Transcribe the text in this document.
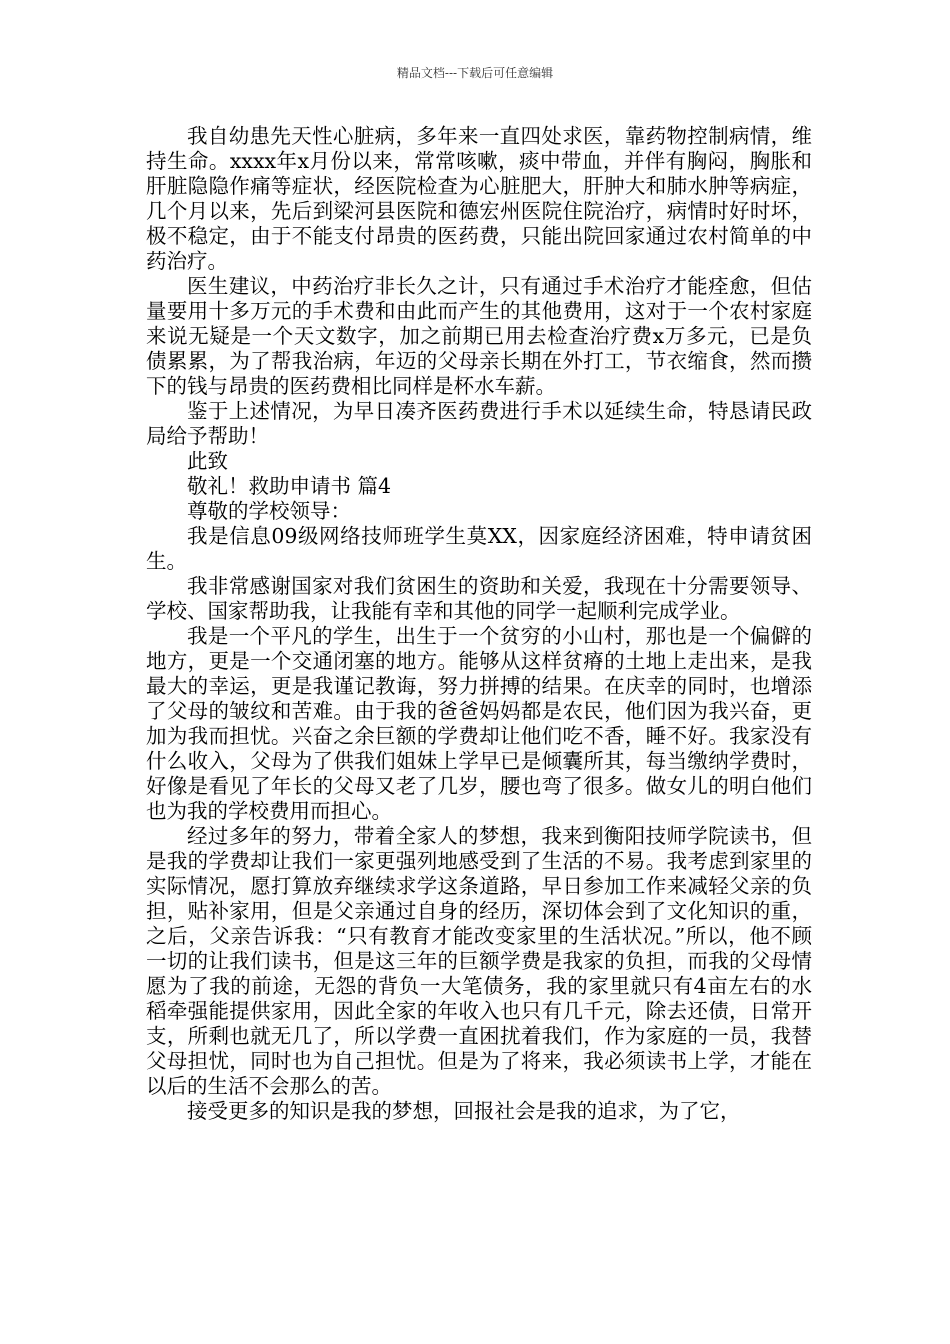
精品文档---下载后可任意编辑

我自幼患先天性心脏病，多年来一直四处求医，靠药物控制病情，维持生命。xxxx年x月份以来，常常咳嗽，痰中带血，并伴有胸闷，胸胀和肝脏隐隐作痛等症状，经医院检查为心脏肥大，肝肿大和肺水肿等病症，几个月以来，先后到梁河县医院和德宏州医院住院治疗，病情时好时坏，极不稳定，由于不能支付昂贵的医药费，只能出院回家通过农村简单的中药治疗。

医生建议，中药治疗非长久之计，只有通过手术治疗才能痊愈，但估量要用十多万元的手术费和由此而产生的其他费用，这对于一个农村家庭来说无疑是一个天文数字，加之前期已用去检查治疗费x万多元，已是负债累累，为了帮我治病，年迈的父母亲长期在外打工，节衣缩食，然而攒下的钱与昂贵的医药费相比同样是杯水车薪。

鉴于上述情况，为早日凑齐医药费进行手术以延续生命，特恳请民政局给予帮助！

此致

敬礼！救助申请书 篇4

尊敬的学校领导：

我是信息09级网络技师班学生莫XX，因家庭经济困难，特申请贫困生。

我非常感谢国家对我们贫困生的资助和关爱，我现在十分需要领导、学校、国家帮助我，让我能有幸和其他的同学一起顺利完成学业。

我是一个平凡的学生，出生于一个贫穷的小山村，那也是一个偏僻的地方，更是一个交通闭塞的地方。能够从这样贫瘠的土地上走出来，是我最大的幸运，更是我谨记教诲，努力拼搏的结果。在庆幸的同时，也增添了父母的皱纹和苦难。由于我的爸爸妈妈都是农民，他们因为我兴奋，更加为我而担忧。兴奋之余巨额的学费却让他们吃不香，睡不好。我家没有什么收入，父母为了供我们姐妹上学早已是倾囊所其，每当缴纳学费时，好像是看见了年长的父母又老了几岁，腰也弯了很多。做女儿的明白他们也为我的学校费用而担心。

经过多年的努力，带着全家人的梦想，我来到衡阳技师学院读书，但是我的学费却让我们一家更强列地感受到了生活的不易。我考虑到家里的实际情况，愿打算放弃继续求学这条道路，早日参加工作来减轻父亲的负担，贴补家用，但是父亲通过自身的经历，深切体会到了文化知识的重，之后，父亲告诉我：“只有教育才能改变家里的生活状况。”所以，他不顾一切的让我们读书，但是这三年的巨额学费是我家的负担，而我的父母情愿为了我的前途，无怨的背负一大笔债务，我的家里就只有4亩左右的水稻牵强能提供家用，因此全家的年收入也只有几千元，除去还债，日常开支，所剩也就无几了，所以学费一直困扰着我们，作为家庭的一员，我替父母担忧，同时也为自己担忧。但是为了将来，我必须读书上学，才能在以后的生活不会那么的苦。

接受更多的知识是我的梦想，回报社会是我的追求，为了它，
